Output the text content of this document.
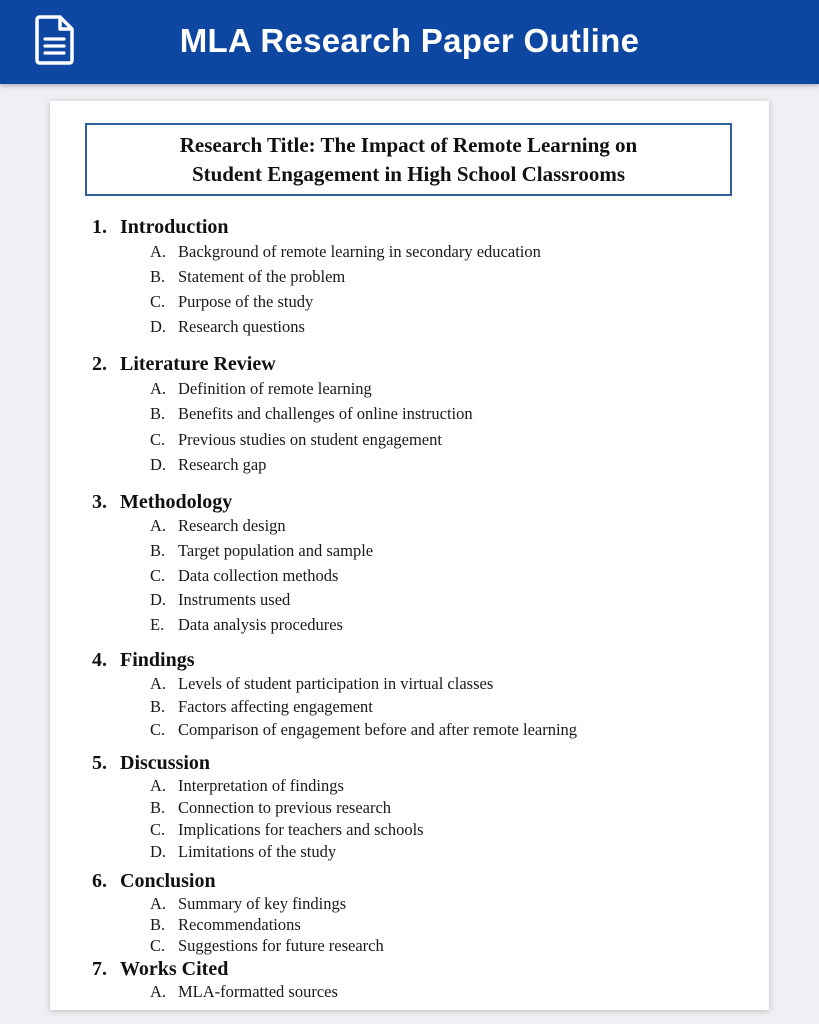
MLA Research Paper Outline
Research Title: The Impact of Remote Learning on
Student Engagement in High School Classrooms
1. Introduction
A. Background of remote learning in secondary education
B. Statement of the problem
C. Purpose of the study
D. Research questions
2. Literature Review
A. Definition of remote learning
B. Benefits and challenges of online instruction
C. Previous studies on student engagement
D. Research gap
3. Methodology
A. Research design
B. Target population and sample
C. Data collection methods
D. Instruments used
E. Data analysis procedures
4. Findings
A. Levels of student participation in virtual classes
B. Factors affecting engagement
C. Comparison of engagement before and after remote learning
5. Discussion
A. Interpretation of findings
B. Connection to previous research
C. Implications for teachers and schools
D. Limitations of the study
6. Conclusion
A. Summary of key findings
B. Recommendations
C. Suggestions for future research
7. Works Cited
A. MLA-formatted sources
